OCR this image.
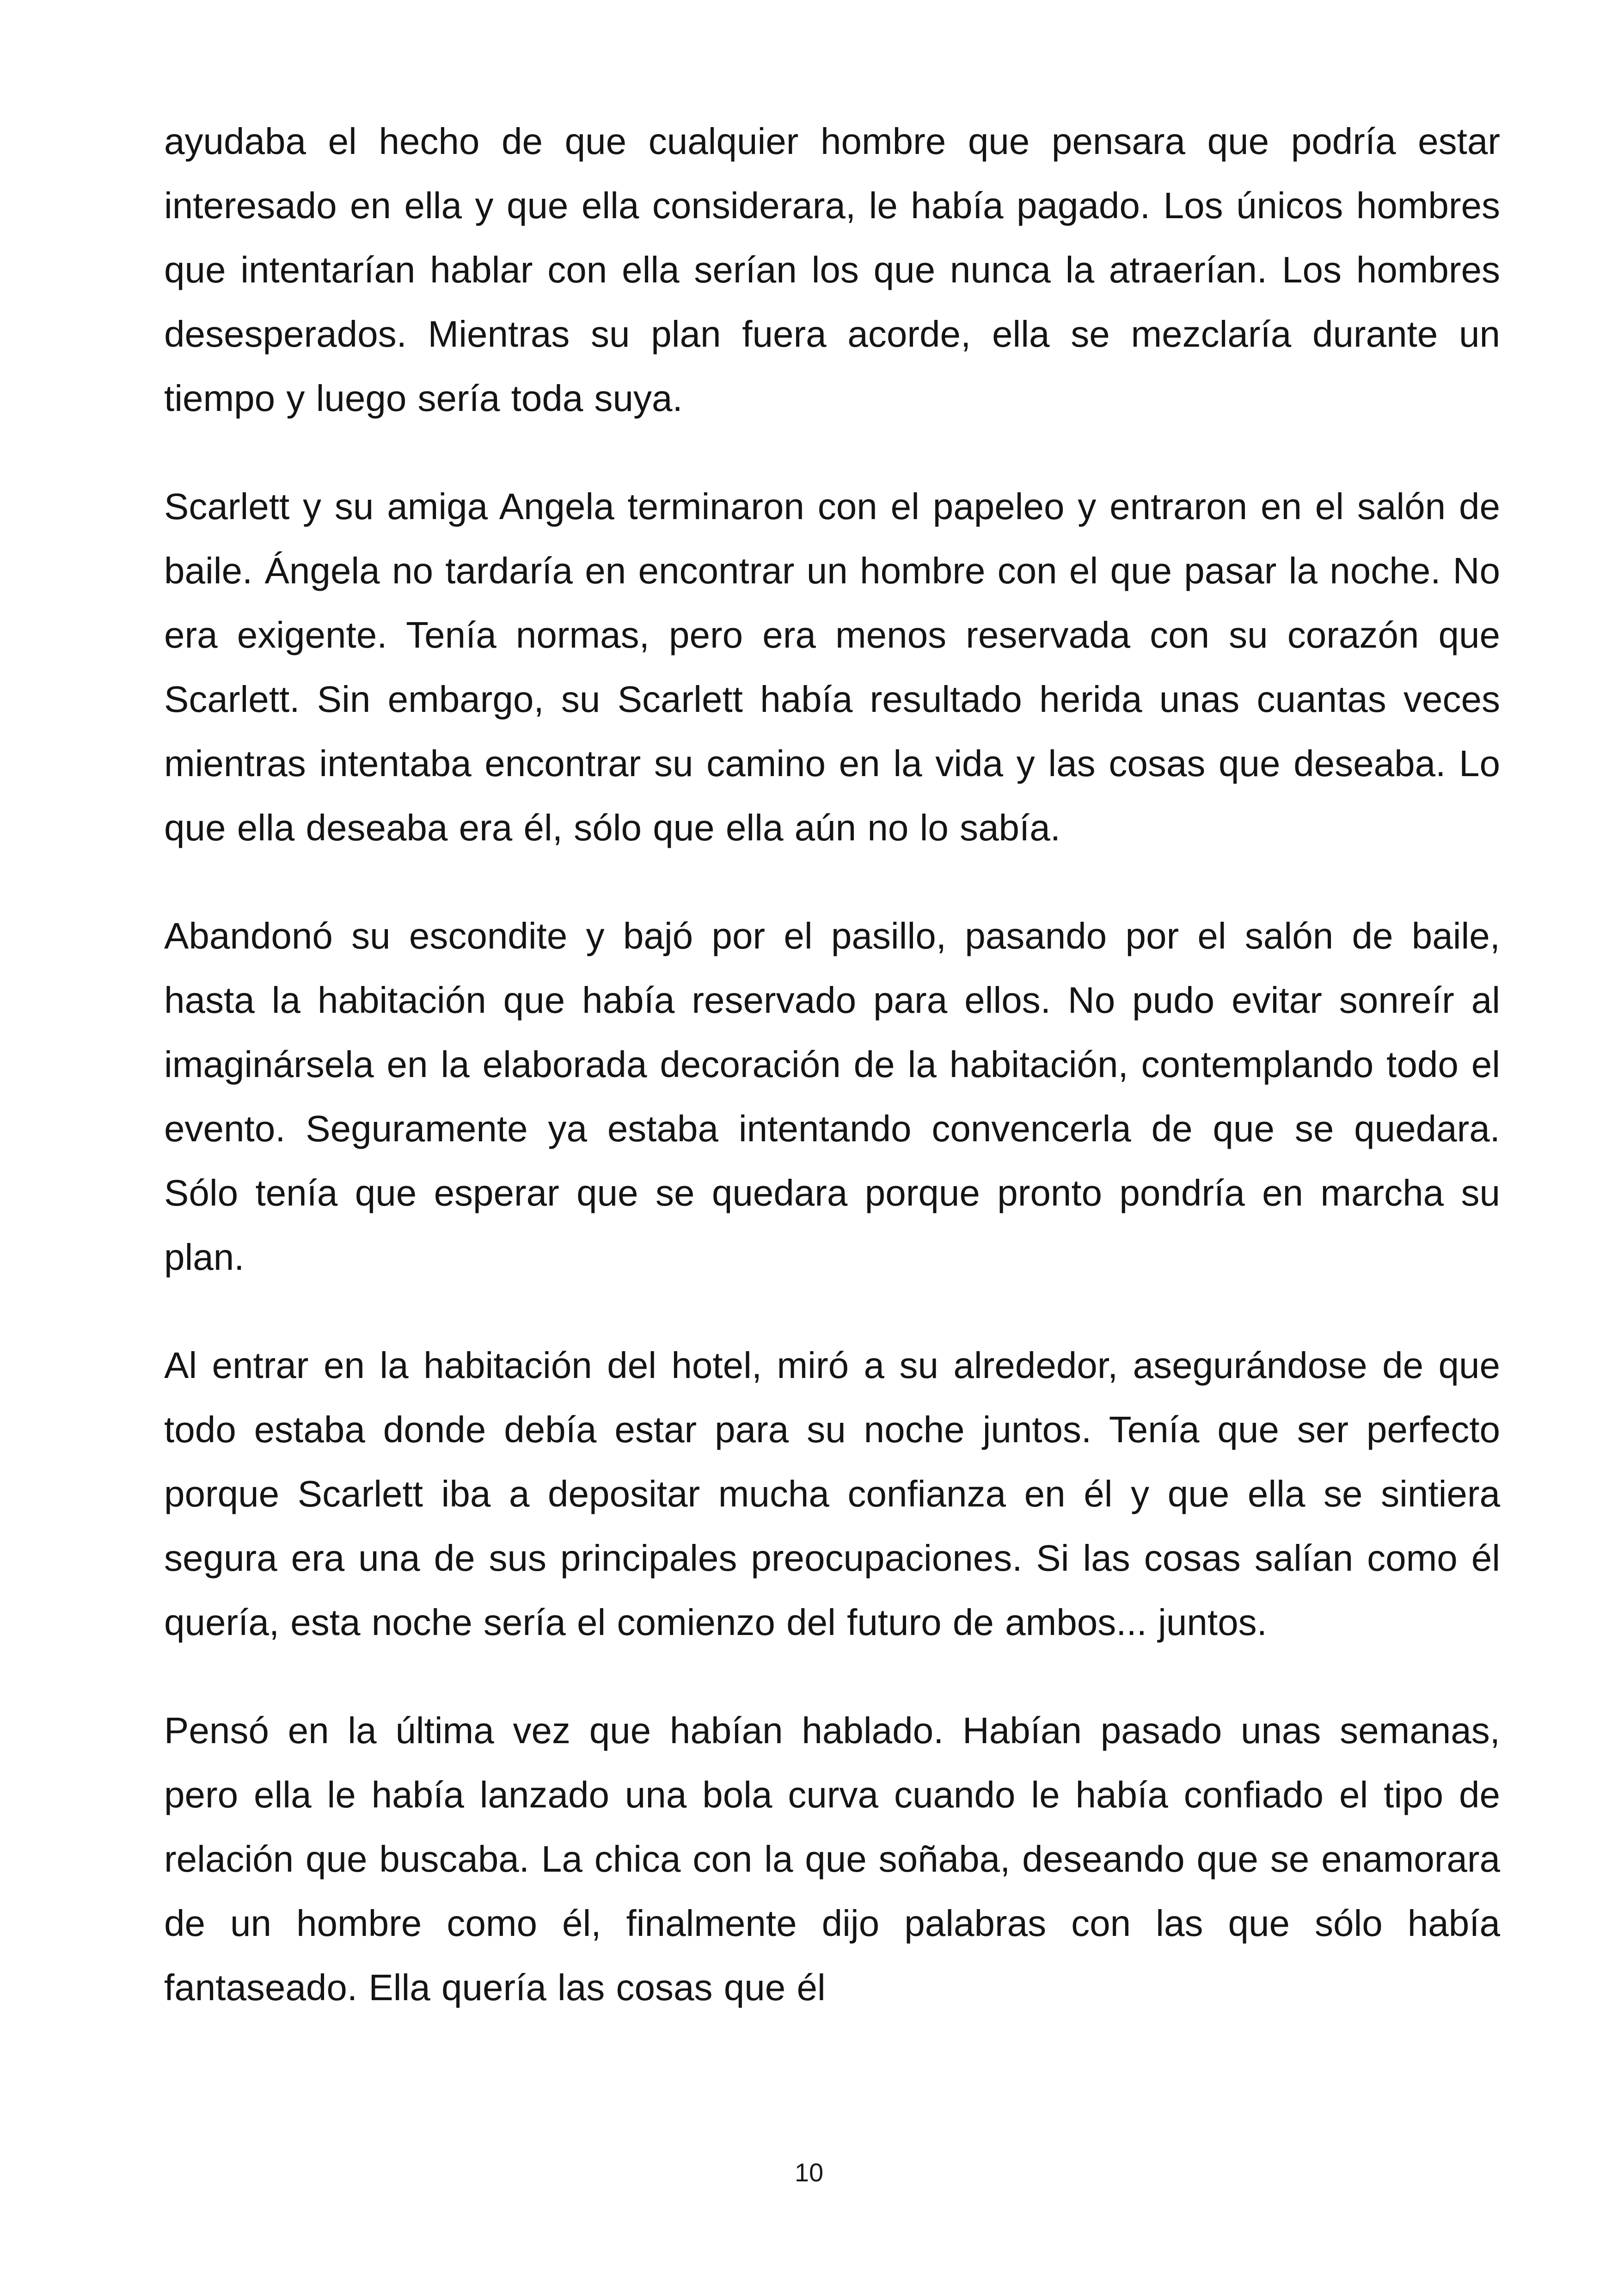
ayudaba el hecho de que cualquier hombre que pensara que podría estar interesado en ella y que ella considerara, le había pagado. Los únicos hombres que intentarían hablar con ella serían los que nunca la atraerían. Los hombres desesperados. Mientras su plan fuera acorde, ella se mezclaría durante un tiempo y luego sería toda suya.

Scarlett y su amiga Angela terminaron con el papeleo y entraron en el salón de baile. Ángela no tardaría en encontrar un hombre con el que pasar la noche. No era exigente. Tenía normas, pero era menos reservada con su corazón que Scarlett. Sin embargo, su Scarlett había resultado herida unas cuantas veces mientras intentaba encontrar su camino en la vida y las cosas que deseaba. Lo que ella deseaba era él, sólo que ella aún no lo sabía.

Abandonó su escondite y bajó por el pasillo, pasando por el salón de baile, hasta la habitación que había reservado para ellos. No pudo evitar sonreír al imaginársela en la elaborada decoración de la habitación, contemplando todo el evento. Seguramente ya estaba intentando convencerla de que se quedara. Sólo tenía que esperar que se quedara porque pronto pondría en marcha su plan.

Al entrar en la habitación del hotel, miró a su alrededor, asegurándose de que todo estaba donde debía estar para su noche juntos. Tenía que ser perfecto porque Scarlett iba a depositar mucha confianza en él y que ella se sintiera segura era una de sus principales preocupaciones. Si las cosas salían como él quería, esta noche sería el comienzo del futuro de ambos... juntos.

Pensó en la última vez que habían hablado. Habían pasado unas semanas, pero ella le había lanzado una bola curva cuando le había confiado el tipo de relación que buscaba. La chica con la que soñaba, deseando que se enamorara de un hombre como él, finalmente dijo palabras con las que sólo había fantaseado. Ella quería las cosas que él

10
